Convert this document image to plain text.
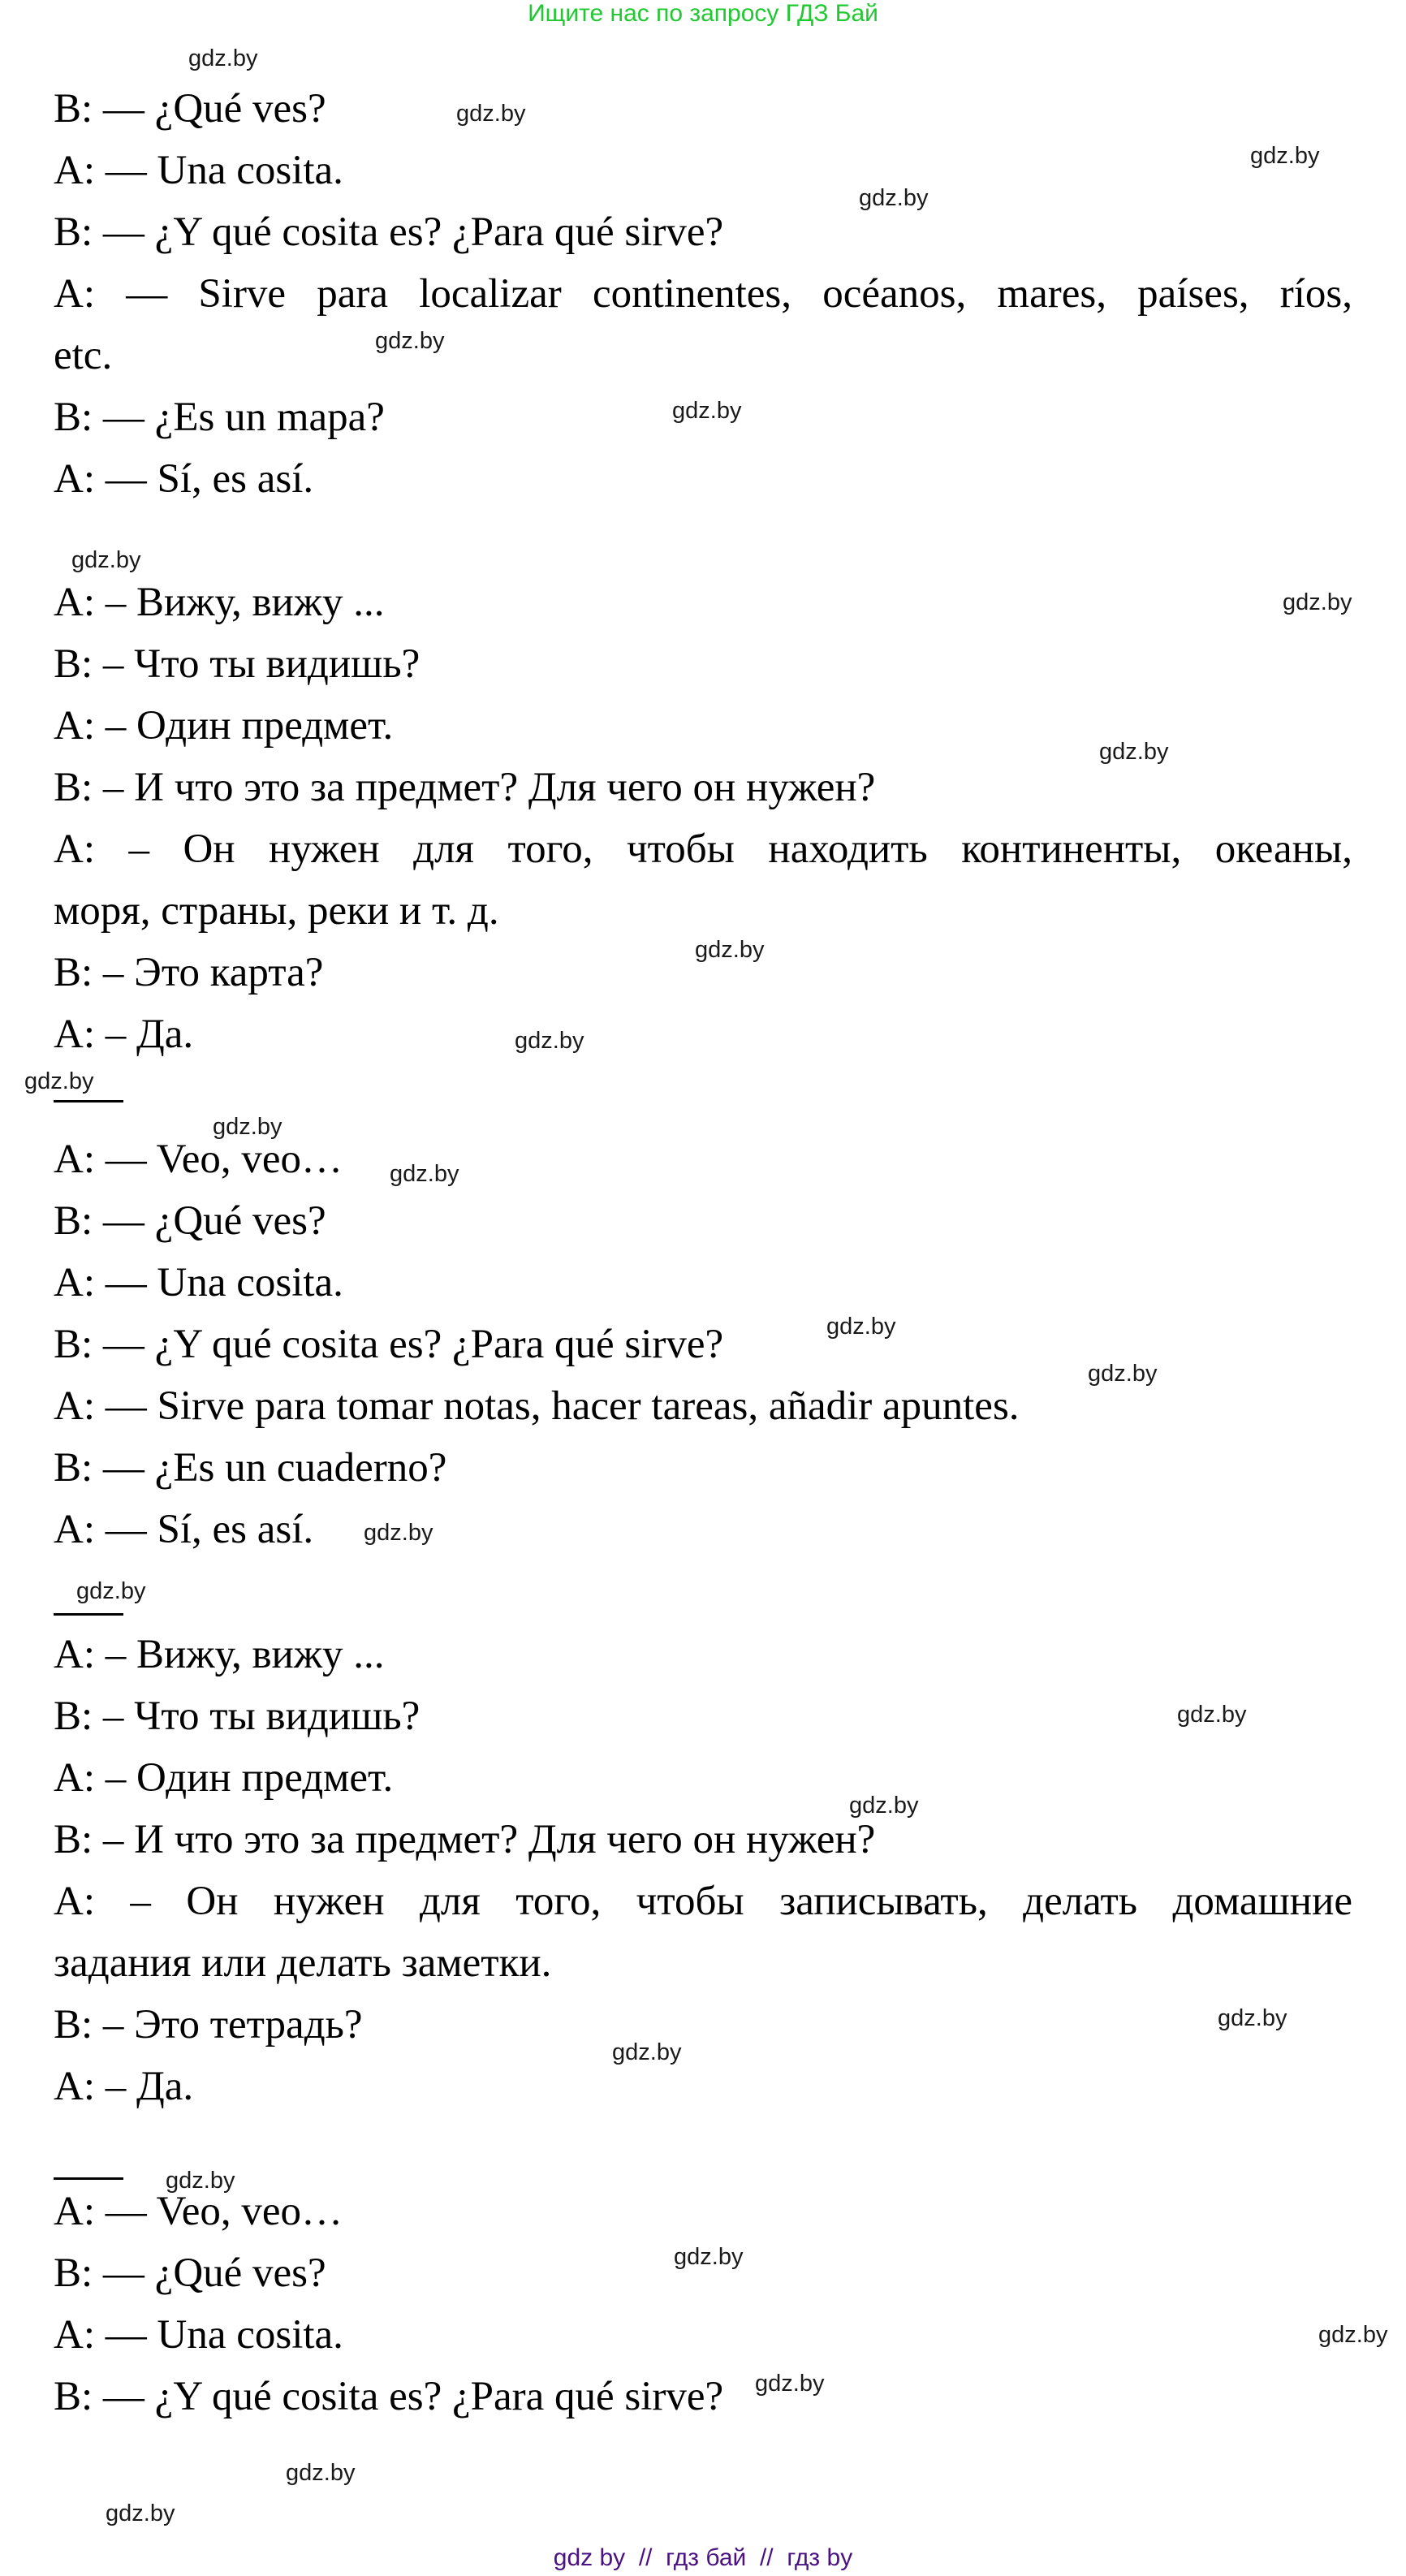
Ищите нас по запросу ГДЗ Бай
B: — ¿Qué ves?
A: — Una cosita.
B: — ¿Y qué cosita es? ¿Para qué sirve?
A: — Sirve para localizar continentes, océanos, mares, países, ríos,
etc.
B: — ¿Es un mapa?
A: — Sí, es así.
A: – Вижу, вижу ...
B: – Что ты видишь?
A: – Один предмет.
B: – И что это за предмет? Для чего он нужен?
A: – Он нужен для того, чтобы находить континенты, океаны,
моря, страны, реки и т. д.
B: – Это карта?
A: – Да.
A: — Veo, veo…
B: — ¿Qué ves?
A: — Una cosita.
B: — ¿Y qué cosita es? ¿Para qué sirve?
A: — Sirve para tomar notas, hacer tareas, añadir apuntes.
B: — ¿Es un cuaderno?
A: — Sí, es así.
A: – Вижу, вижу ...
B: – Что ты видишь?
A: – Один предмет.
B: – И что это за предмет? Для чего он нужен?
A: – Он нужен для того, чтобы записывать, делать домашние
задания или делать заметки.
B: – Это тетрадь?
A: – Да.
A: — Veo, veo…
B: — ¿Qué ves?
A: — Una cosita.
B: — ¿Y qué cosita es? ¿Para qué sirve?
gdz.by
gdz.by
gdz.by
gdz.by
gdz.by
gdz.by
gdz.by
gdz.by
gdz.by
gdz.by
gdz.by
gdz.by
gdz.by
gdz.by
gdz.by
gdz.by
gdz.by
gdz.by
gdz.by
gdz.by
gdz.by
gdz.by
gdz.by
gdz.by
gdz.by
gdz.by
gdz.by
gdz.by
gdz by  //  гдз бай  //  гдз by
